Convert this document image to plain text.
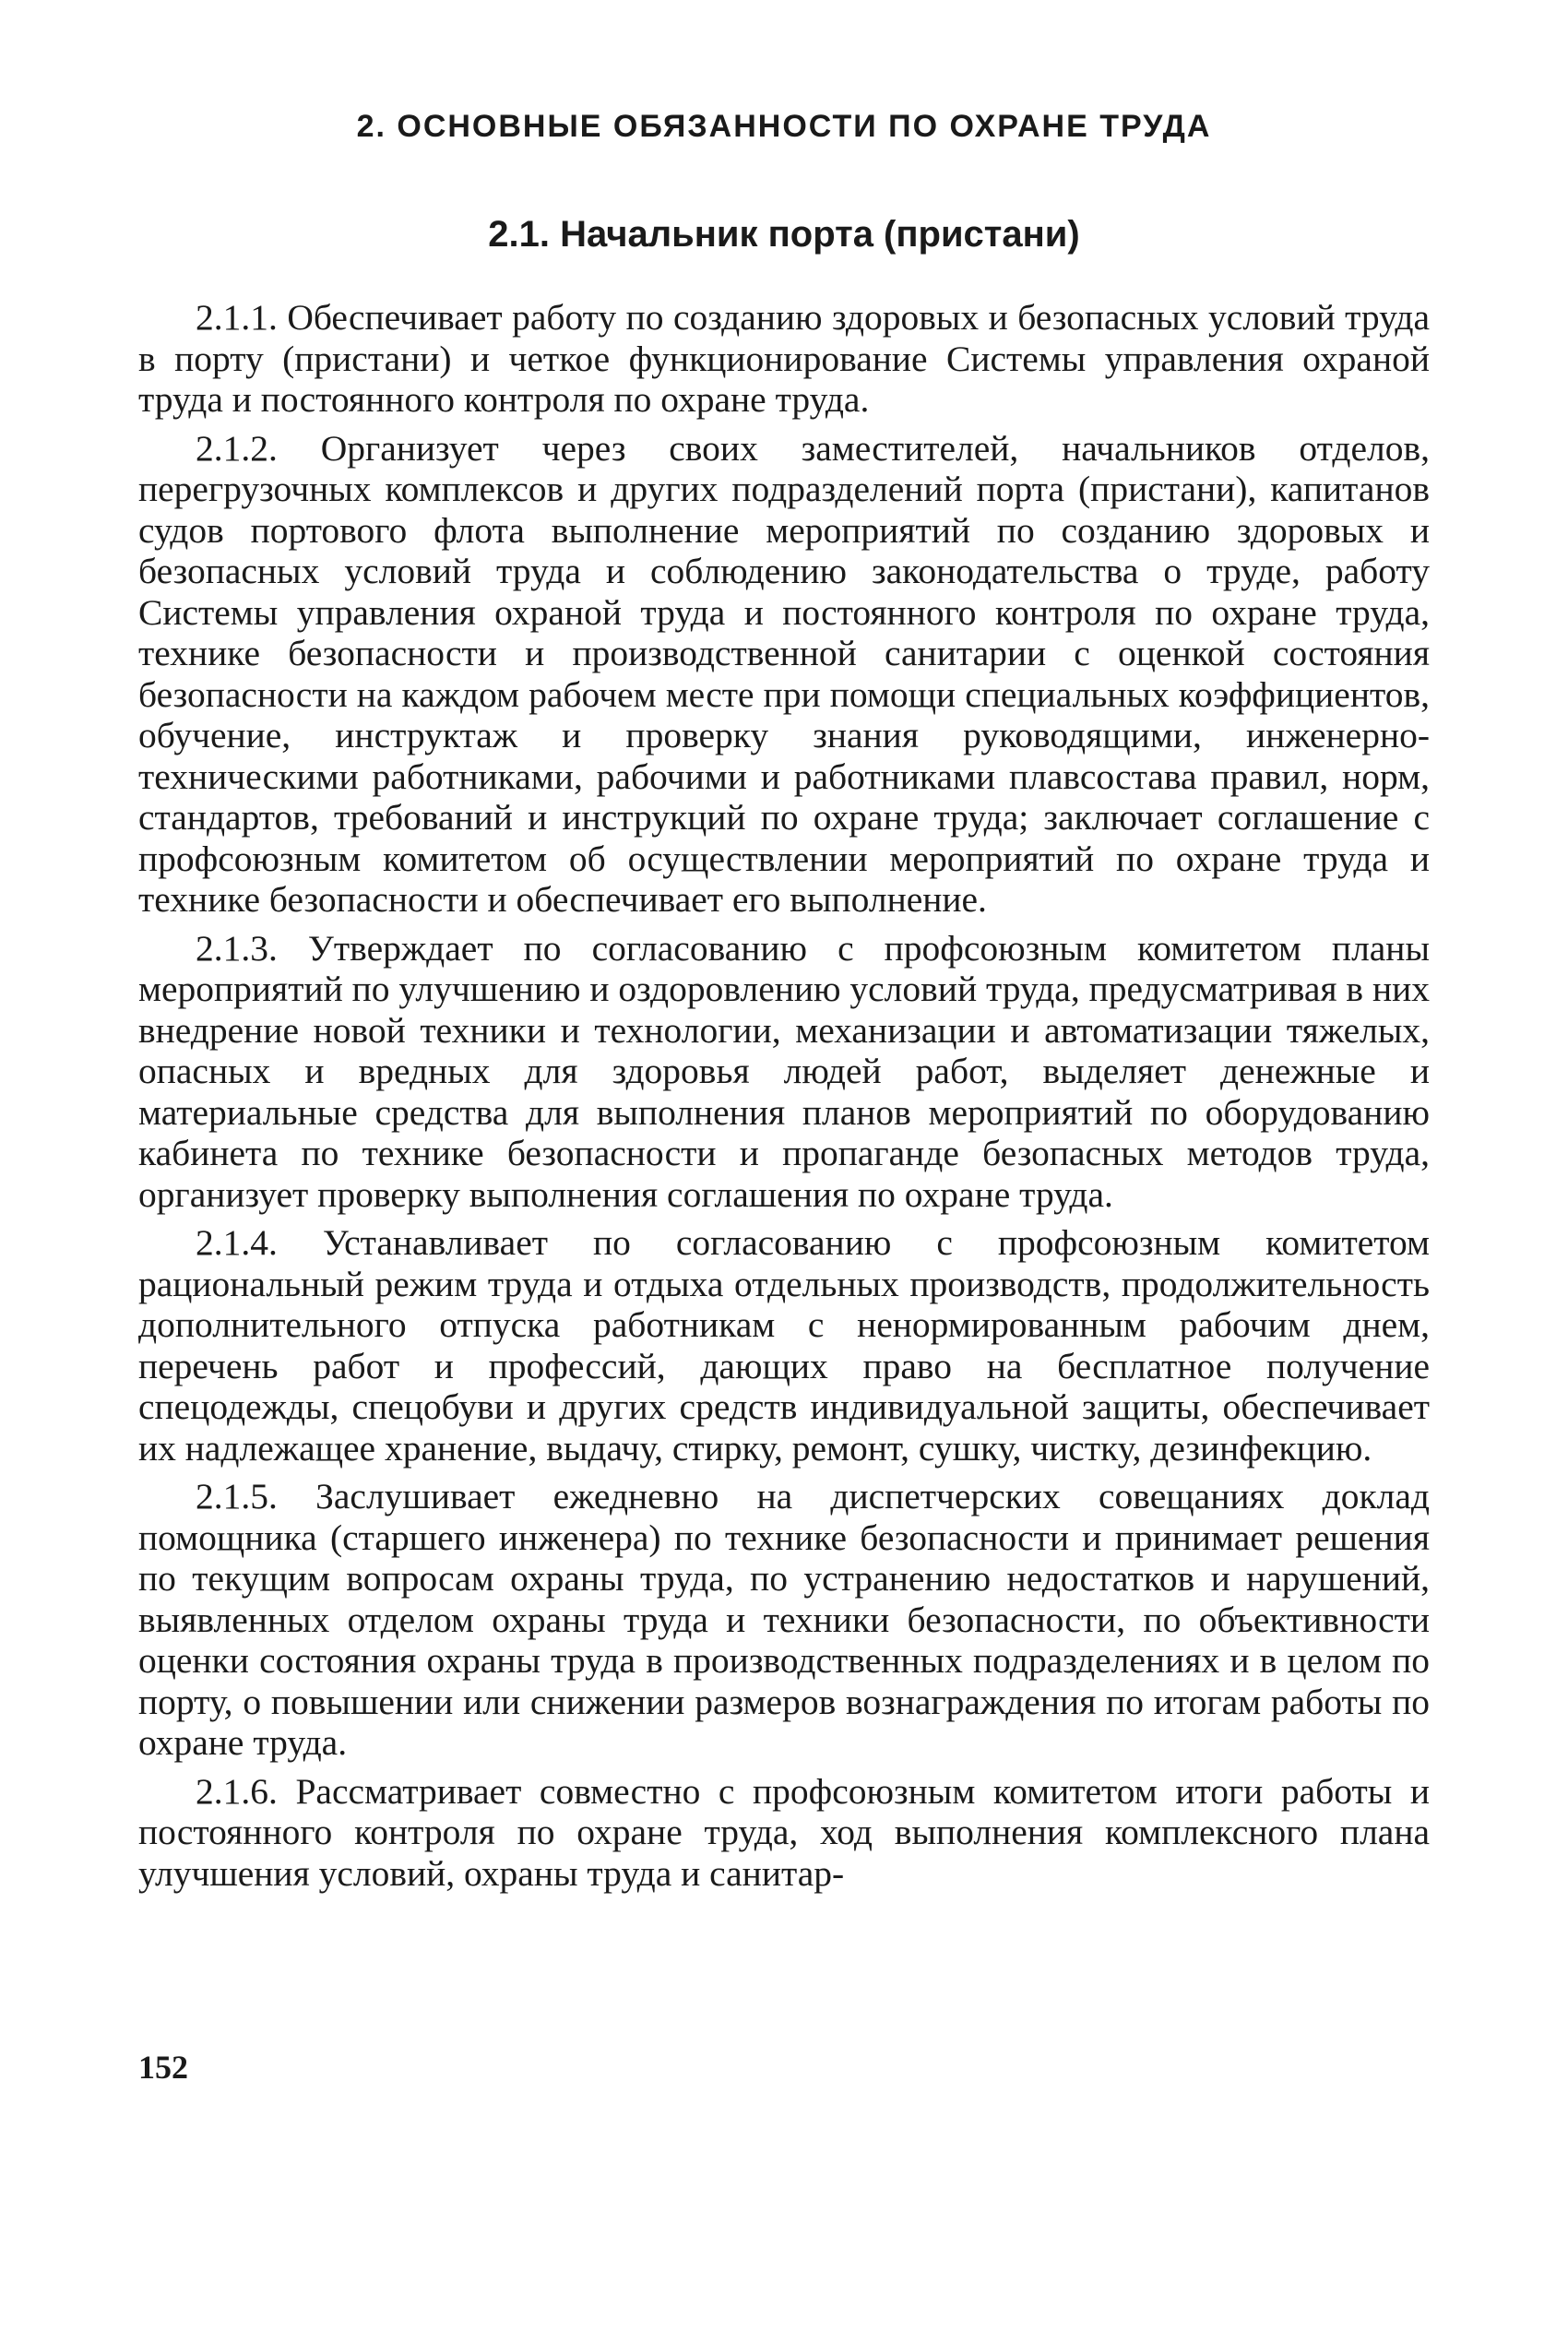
2. ОСНОВНЫЕ ОБЯЗАННОСТИ ПО ОХРАНЕ ТРУДА
2.1. Начальник порта (пристани)

2.1.1. Обеспечивает работу по созданию здоровых и безопасных условий труда в порту (пристани) и четкое функционирование Системы управления охраной труда и постоянного контроля по охране труда.

2.1.2. Организует через своих заместителей, начальников отделов, перегрузочных комплексов и других подразделений порта (пристани), капитанов судов портового флота выполнение мероприятий по созданию здоровых и безопасных условий труда и соблюдению законодательства о труде, работу Системы управления охраной труда и постоянного контроля по охране труда, технике безопасности и производственной санитарии с оценкой состояния безопасности на каждом рабочем месте при помощи специальных коэффициентов, обучение, инструктаж и проверку знания руководящими, инженерно-техническими работниками, рабочими и работниками плавсостава правил, норм, стандартов, требований и инструкций по охране труда; заключает соглашение с профсоюзным комитетом об осуществлении мероприятий по охране труда и технике безопасности и обеспечивает его выполнение.

2.1.3. Утверждает по согласованию с профсоюзным комитетом планы мероприятий по улучшению и оздоровлению условий труда, предусматривая в них внедрение новой техники и технологии, механизации и автоматизации тяжелых, опасных и вредных для здоровья людей работ, выделяет денежные и материальные средства для выполнения планов мероприятий по оборудованию кабинета по технике безопасности и пропаганде безопасных методов труда, организует проверку выполнения соглашения по охране труда.

2.1.4. Устанавливает по согласованию с профсоюзным комитетом рациональный режим труда и отдыха отдельных производств, продолжительность дополнительного отпуска работникам с ненормированным рабочим днем, перечень работ и профессий, дающих право на бесплатное получение спецодежды, спецобуви и других средств индивидуальной защиты, обеспечивает их надлежащее хранение, выдачу, стирку, ремонт, сушку, чистку, дезинфекцию.

2.1.5. Заслушивает ежедневно на диспетчерских совещаниях доклад помощника (старшего инженера) по технике безопасности и принимает решения по текущим вопросам охраны труда, по устранению недостатков и нарушений, выявленных отделом охраны труда и техники безопасности, по объективности оценки состояния охраны труда в производственных подразделениях и в целом по порту, о повышении или снижении размеров вознаграждения по итогам работы по охране труда.

2.1.6. Рассматривает совместно с профсоюзным комитетом итоги работы и постоянного контроля по охране труда, ход выполнения комплексного плана улучшения условий, охраны труда и санитар-

152
